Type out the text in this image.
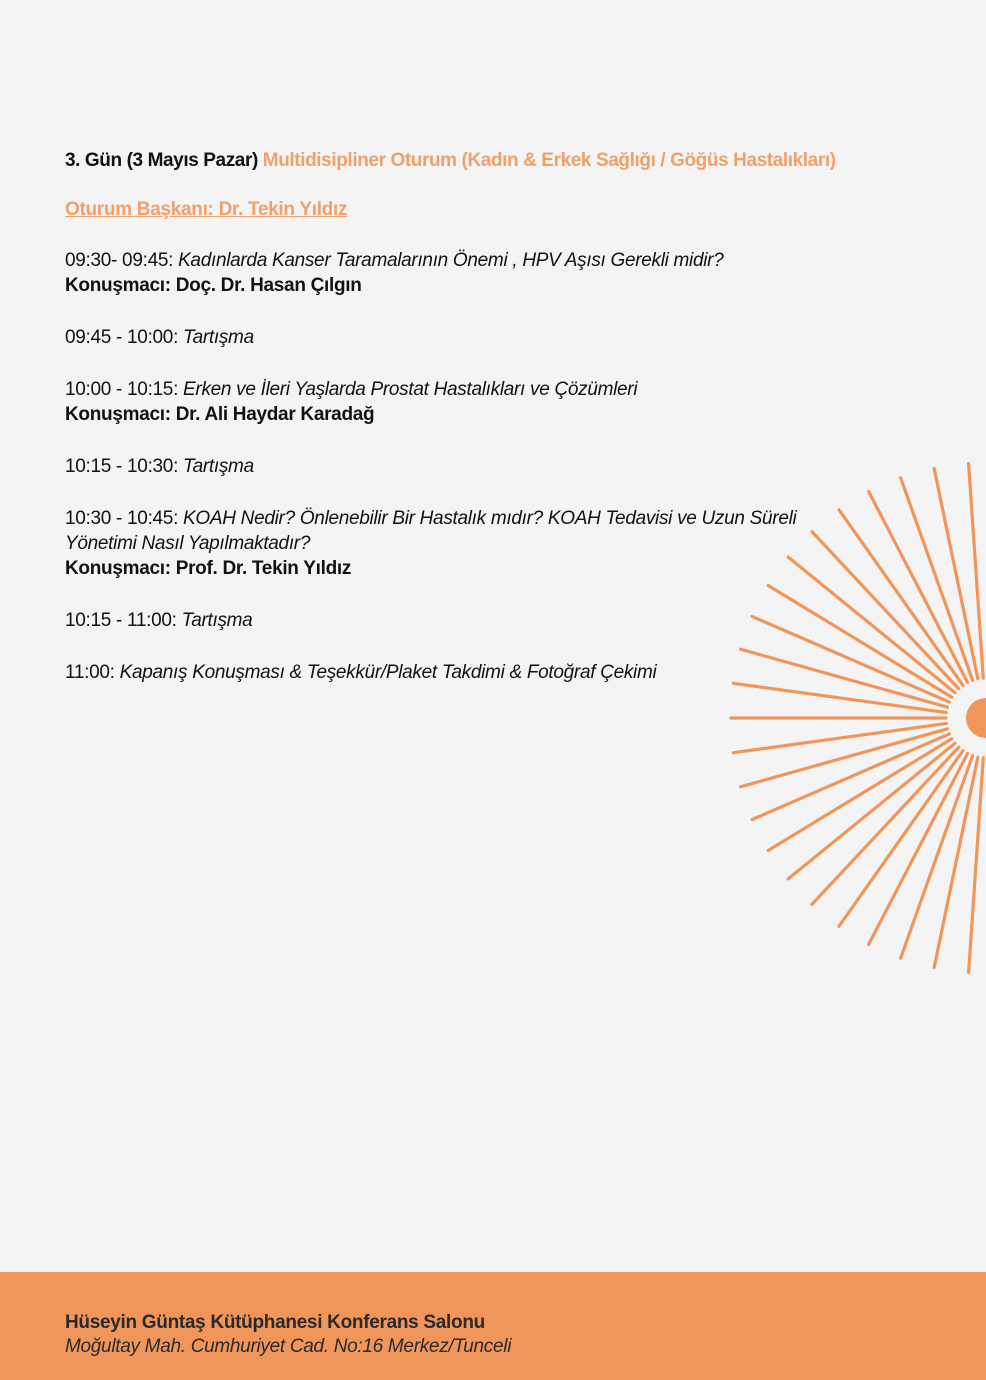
3. Gün (3 Mayıs Pazar) Multidisipliner Oturum (Kadın & Erkek Sağlığı / Göğüs Hastalıkları)

Oturum Başkanı: Dr. Tekin Yıldız
09:30- 09:45: Kadınlarda Kanser Taramalarının Önemi , HPV Aşısı Gerekli midir?
Konuşmacı: Doç. Dr. Hasan Çılgın
09:45 - 10:00: Tartışma
10:00 - 10:15: Erken ve İleri Yaşlarda Prostat Hastalıkları ve Çözümleri
Konuşmacı: Dr. Ali Haydar Karadağ
10:15 - 10:30: Tartışma
10:30 - 10:45: KOAH Nedir? Önlenebilir Bir Hastalık mıdır? KOAH Tedavisi ve Uzun Süreli Yönetimi Nasıl Yapılmaktadır?
Konuşmacı: Prof. Dr. Tekin Yıldız
10:15 - 11:00: Tartışma
11:00: Kapanış Konuşması & Teşekkür/Plaket Takdimi & Fotoğraf Çekimi
Hüseyin Güntaş Kütüphanesi Konferans Salonu
Moğultay Mah. Cumhuriyet Cad. No:16 Merkez/Tunceli
